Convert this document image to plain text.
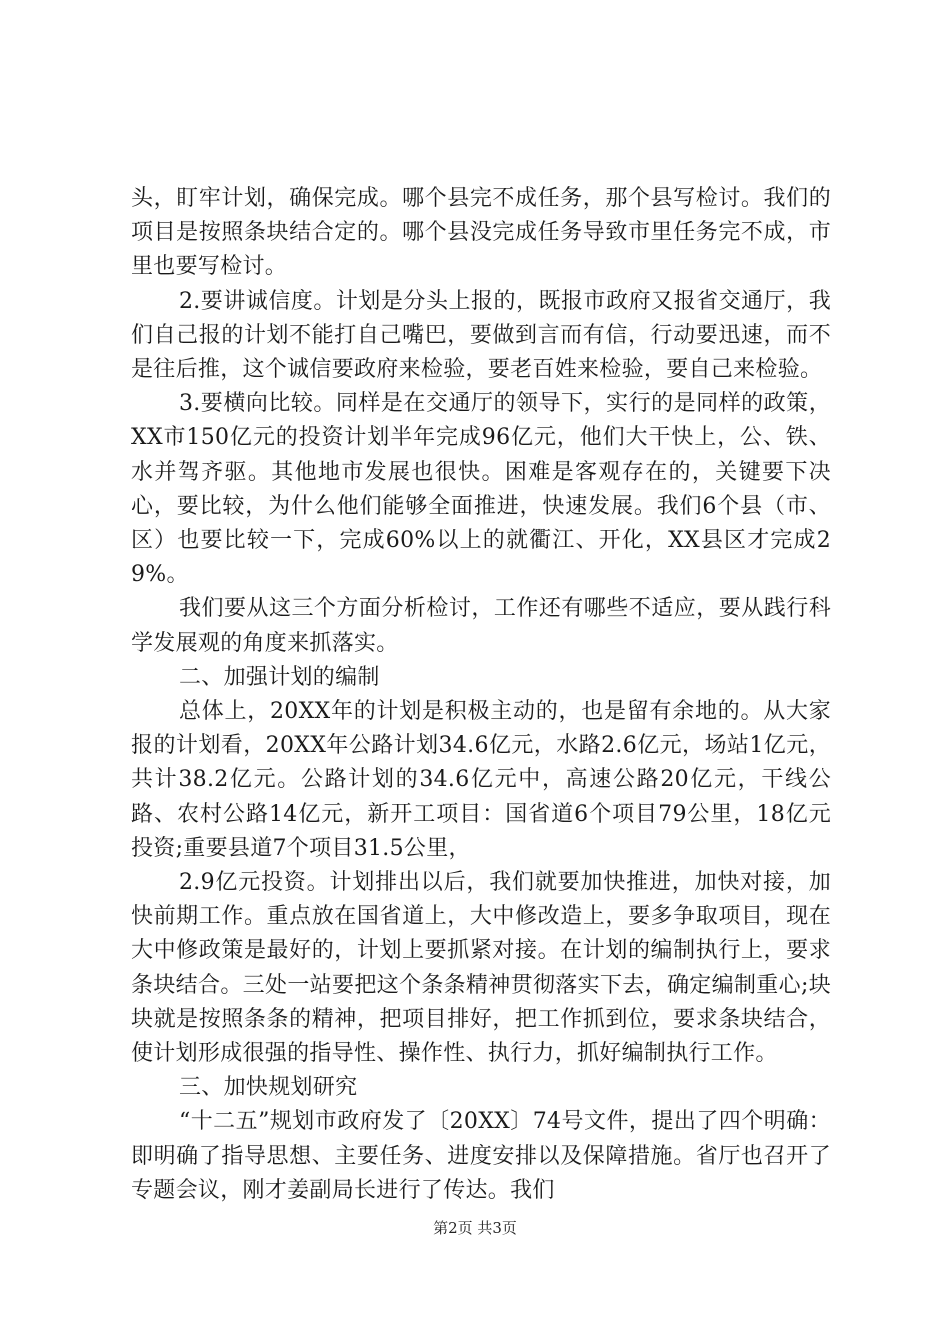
头，盯牢计划，确保完成。哪个县完不成任务，那个县写检讨。我们的项目是按照条块结合定的。哪个县没完成任务导致市里任务完不成，市里也要写检讨。

2.要讲诚信度。计划是分头上报的，既报市政府又报省交通厅，我们自己报的计划不能打自己嘴巴，要做到言而有信，行动要迅速，而不是往后推，这个诚信要政府来检验，要老百姓来检验，要自己来检验。

3.要横向比较。同样是在交通厅的领导下，实行的是同样的政策，XX市150亿元的投资计划半年完成96亿元，他们大干快上，公、铁、水并驾齐驱。其他地市发展也很快。困难是客观存在的，关键要下决心，要比较，为什么他们能够全面推进，快速发展。我们6个县（市、区）也要比较一下，完成60%以上的就衢江、开化，XX县区才完成29%。

我们要从这三个方面分析检讨，工作还有哪些不适应，要从践行科学发展观的角度来抓落实。

二、加强计划的编制

总体上，20XX年的计划是积极主动的，也是留有余地的。从大家报的计划看，20XX年公路计划34.6亿元，水路2.6亿元，场站1亿元，共计38.2亿元。公路计划的34.6亿元中，高速公路20亿元，干线公路、农村公路14亿元，新开工项目：国省道6个项目79公里，18亿元投资;重要县道7个项目31.5公里，

2.9亿元投资。计划排出以后，我们就要加快推进，加快对接，加快前期工作。重点放在国省道上，大中修改造上，要多争取项目，现在大中修政策是最好的，计划上要抓紧对接。在计划的编制执行上，要求条块结合。三处一站要把这个条条精神贯彻落实下去，确定编制重心;块块就是按照条条的精神，把项目排好，把工作抓到位，要求条块结合，使计划形成很强的指导性、操作性、执行力，抓好编制执行工作。

三、加快规划研究

“十二五”规划市政府发了〔20XX〕74号文件，提出了四个明确：即明确了指导思想、主要任务、进度安排以及保障措施。省厅也召开了专题会议，刚才姜副局长进行了传达。我们

第2页 共3页
